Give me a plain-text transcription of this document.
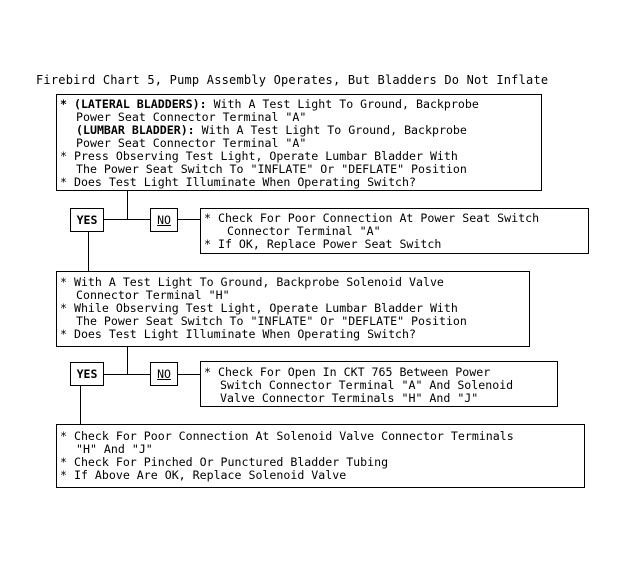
Firebird Chart 5, Pump Assembly Operates, But Bladders Do Not Inflate
* (LATERAL BLADDERS): With A Test Light To Ground, Backprobe
Power Seat Connector Terminal "A"
(LUMBAR BLADDER): With A Test Light To Ground, Backprobe
Power Seat Connector Terminal "A"
* Press Observing Test Light, Operate Lumbar Bladder With
The Power Seat Switch To "INFLATE" Or "DEFLATE" Position
* Does Test Light Illuminate When Operating Switch?
YES	NO	* Check For Poor Connection At Power Seat Switch
Connector Terminal "A"
* If OK, Replace Power Seat Switch
* With A Test Light To Ground, Backprobe Solenoid Valve
Connector Terminal "H"
* While Observing Test Light, Operate Lumbar Bladder With
The Power Seat Switch To "INFLATE" Or "DEFLATE" Position
* Does Test Light Illuminate When Operating Switch?
YES	NO	* Check For Open In CKT 765 Between Power
Switch Connector Terminal "A" And Solenoid
Valve Connector Terminals "H" And "J"
* Check For Poor Connection At Solenoid Valve Connector Terminals
"H" And "J"
* Check For Pinched Or Punctured Bladder Tubing
* If Above Are OK, Replace Solenoid Valve
